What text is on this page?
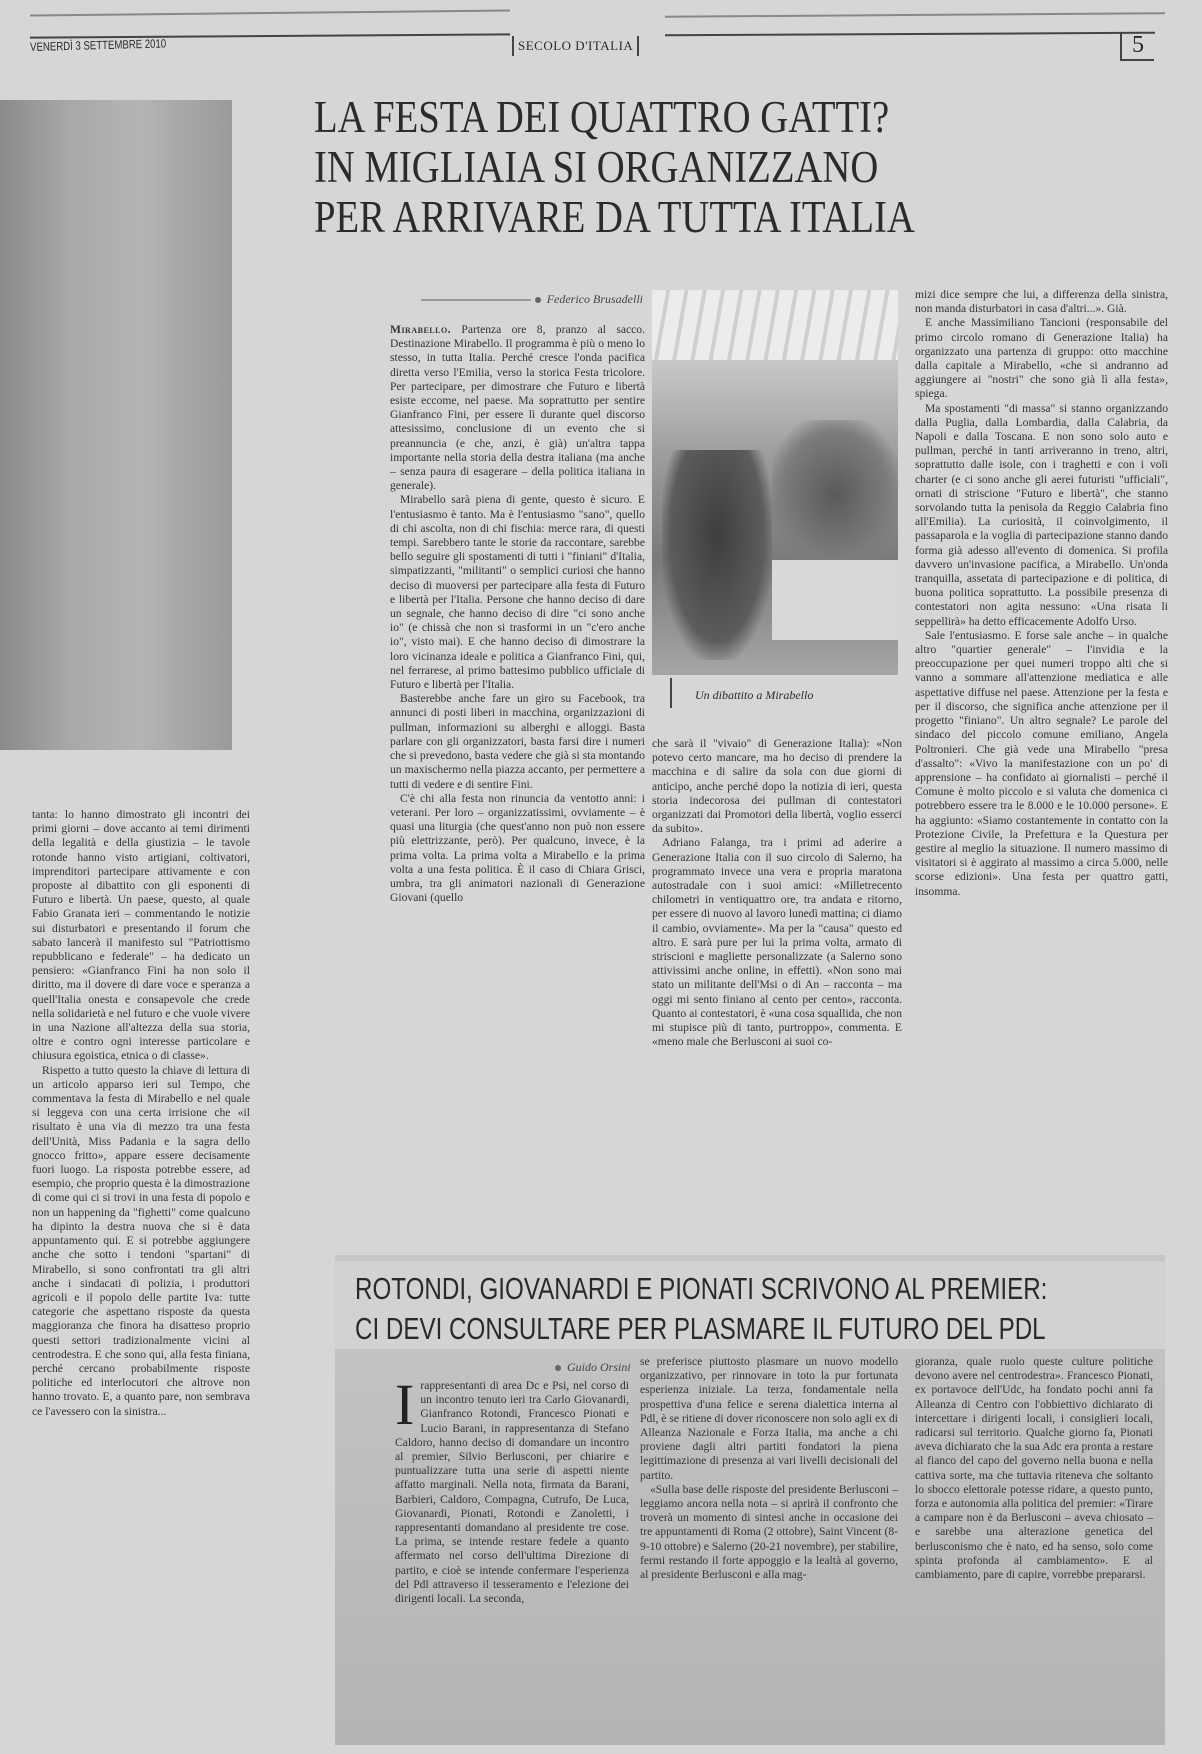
VENERDÌ 3 SETTEMBRE 2010	SECOLO D'ITALIA	5
LA FESTA DEI QUATTRO GATTI?
IN MIGLIAIA SI ORGANIZZANO
PER ARRIVARE DA TUTTA ITALIA
Federico Brusadelli

Mirabello. Partenza ore 8, pranzo al sacco. Destinazione Mirabello. Il programma è più o meno lo stesso, in tutta Italia. Perché cresce l'onda pacifica diretta verso l'Emilia, verso la storica Festa tricolore. Per partecipare, per dimostrare che Futuro e libertà esiste eccome, nel paese. Ma soprattutto per sentire Gianfranco Fini, per essere lì durante quel discorso attesissimo, conclusione di un evento che si preannuncia (e che, anzi, è già) un'altra tappa importante nella storia della destra italiana (ma anche – senza paura di esagerare – della politica italiana in generale).

Mirabello sarà piena di gente, questo è sicuro. E l'entusiasmo è tanto. Ma è l'entusiasmo "sano", quello di chi ascolta, non di chi fischia: merce rara, di questi tempi. Sarebbero tante le storie da raccontare, sarebbe bello seguire gli spostamenti di tutti i "finiani" d'Italia, simpatizzanti, "militanti" o semplici curiosi che hanno deciso di muoversi per partecipare alla festa di Futuro e libertà per l'Italia. Persone che hanno deciso di dare un segnale, che hanno deciso di dire "ci sono anche io" (e chissà che non si trasformi in un "c'ero anche io", visto mai). E che hanno deciso di dimostrare la loro vicinanza ideale e politica a Gianfranco Fini, qui, nel ferrarese, al primo battesimo pubblico ufficiale di Futuro e libertà per l'Italia.

Basterebbe anche fare un giro su Facebook, tra annunci di posti liberi in macchina, organizzazioni di pullman, informazioni su alberghi e alloggi. Basta parlare con gli organizzatori, basta farsi dire i numeri che si prevedono, basta vedere che già si sta montando un maxischermo nella piazza accanto, per permettere a tutti di vedere e di sentire Fini.

C'è chi alla festa non rinuncia da ventotto anni: i veterani. Per loro – organizzatissimi, ovviamente – è quasi una liturgia (che quest'anno non può non essere più elettrizzante, però). Per qualcuno, invece, è la prima volta. La prima volta a Mirabello e la prima volta a una festa politica. È il caso di Chiara Grisci, umbra, tra gli animatori nazionali di Generazione Giovani (quello

Un dibattito a Mirabello

che sarà il "vivaio" di Generazione Italia): «Non potevo certo mancare, ma ho deciso di prendere la macchina e di salire da sola con due giorni di anticipo, anche perché dopo la notizia di ieri, questa storia indecorosa dei pullman di contestatori organizzati dai Promotori della libertà, voglio esserci da subito».

Adriano Falanga, tra i primi ad aderire a Generazione Italia con il suo circolo di Salerno, ha programmato invece una vera e propria maratona autostradale con i suoi amici: «Milletrecento chilometri in ventiquattro ore, tra andata e ritorno, per essere di nuovo al lavoro lunedì mattina; ci diamo il cambio, ovviamente». Ma per la "causa" questo ed altro. E sarà pure per lui la prima volta, armato di striscioni e magliette personalizzate (a Salerno sono attivissimi anche online, in effetti). «Non sono mai stato un militante dell'Msi o di An – racconta – ma oggi mi sento finiano al cento per cento», racconta. Quanto ai contestatori, è «una cosa squallida, che non mi stupisce più di tanto, purtroppo», commenta. E «meno male che Berlusconi ai suoi co-

mizi dice sempre che lui, a differenza della sinistra, non manda disturbatori in casa d'altri...». Già.

E anche Massimiliano Tancioni (responsabile del primo circolo romano di Generazione Italia) ha organizzato una partenza di gruppo: otto macchine dalla capitale a Mirabello, «che si andranno ad aggiungere ai "nostri" che sono già lì alla festa», spiega.

Ma spostamenti "di massa" si stanno organizzando dalla Puglia, dalla Lombardia, dalla Calabria, da Napoli e dalla Toscana. E non sono solo auto e pullman, perché in tanti arriveranno in treno, altri, soprattutto dalle isole, con i traghetti e con i voli charter (e ci sono anche gli aerei futuristi "ufficiali", ornati di striscione "Futuro e libertà", che stanno sorvolando tutta la penisola da Reggio Calabria fino all'Emilia). La curiosità, il coinvolgimento, il passaparola e la voglia di partecipazione stanno dando forma già adesso all'evento di domenica. Si profila davvero un'invasione pacifica, a Mirabello. Un'onda tranquilla, assetata di partecipazione e di politica, di buona politica soprattutto. La possibile presenza di contestatori non agita nessuno: «Una risata li seppellirà» ha detto efficacemente Adolfo Urso.

Sale l'entusiasmo. E forse sale anche – in qualche altro "quartier generale" – l'invidia e la preoccupazione per quei numeri troppo alti che si vanno a sommare all'attenzione mediatica e alle aspettative diffuse nel paese. Attenzione per la festa e per il discorso, che significa anche attenzione per il progetto "finiano". Un altro segnale? Le parole del sindaco del piccolo comune emiliano, Angela Poltronieri. Che già vede una Mirabello "presa d'assalto": «Vivo la manifestazione con un po' di apprensione – ha confidato ai giornalisti – perché il Comune è molto piccolo e si valuta che domenica ci potrebbero essere tra le 8.000 e le 10.000 persone». E ha aggiunto: «Siamo costantemente in contatto con la Protezione Civile, la Prefettura e la Questura per gestire al meglio la situazione. Il numero massimo di visitatori si è aggirato al massimo a circa 5.000, nelle scorse edizioni». Una festa per quattro gatti, insomma.

tanta: lo hanno dimostrato gli incontri dei primi giorni – dove accanto ai temi dirimenti della legalità e della giustizia – le tavole rotonde hanno visto artigiani, coltivatori, imprenditori partecipare attivamente e con proposte al dibattito con gli esponenti di Futuro e libertà. Un paese, questo, al quale Fabio Granata ieri – commentando le notizie sui disturbatori e presentando il forum che sabato lancerà il manifesto sul "Patriottismo repubblicano e federale" – ha dedicato un pensiero: «Gianfranco Fini ha non solo il diritto, ma il dovere di dare voce e speranza a quell'Italia onesta e consapevole che crede nella solidarietà e nel futuro e che vuole vivere in una Nazione all'altezza della sua storia, oltre e contro ogni interesse particolare e chiusura egoistica, etnica o di classe».

Rispetto a tutto questo la chiave di lettura di un articolo apparso ieri sul Tempo, che commentava la festa di Mirabello e nel quale si leggeva con una certa irrisione che «il risultato è una via di mezzo tra una festa dell'Unità, Miss Padania e la sagra dello gnocco fritto», appare essere decisamente fuori luogo. La risposta potrebbe essere, ad esempio, che proprio questa è la dimostrazione di come qui ci si trovi in una festa di popolo e non un happening da "fighetti" come qualcuno ha dipinto la destra nuova che si è data appuntamento qui. E si potrebbe aggiungere anche che sotto i tendoni "spartani" di Mirabello, si sono confrontati tra gli altri anche i sindacati di polizia, i produttori agricoli e il popolo delle partite Iva: tutte categorie che aspettano risposte da questa maggioranza che finora ha disatteso proprio questi settori tradizionalmente vicini al centrodestra. E che sono qui, alla festa finiana, perché cercano probabilmente risposte politiche ed interlocutori che altrove non hanno trovato. E, a quanto pare, non sembrava ce l'avessero con la sinistra...

ROTONDI, GIOVANARDI E PIONATI SCRIVONO AL PREMIER:
CI DEVI CONSULTARE PER PLASMARE IL FUTURO DEL PDL
Guido Orsini

Irappresentanti di area Dc e Psi, nel corso di un incontro tenuto ieri tra Carlo Giovanardi, Gianfranco Rotondi, Francesco Pionati e Lucio Barani, in rappresentanza di Stefano Caldoro, hanno deciso di domandare un incontro al premier, Silvio Berlusconi, per chiarire e puntualizzare tutta una serie di aspetti niente affatto marginali. Nella nota, firmata da Barani, Barbieri, Caldoro, Compagna, Cutrufo, De Luca, Giovanardi, Pionati, Rotondi e Zanoletti, i rappresentanti domandano al presidente tre cose. La prima, se intende restare fedele a quanto affermato nel corso dell'ultima Direzione di partito, e cioè se intende confermare l'esperienza del Pdl attraverso il tesseramento e l'elezione dei dirigenti locali. La seconda,

se preferisce piuttosto plasmare un nuovo modello organizzativo, per rinnovare in toto la pur fortunata esperienza iniziale. La terza, fondamentale nella prospettiva d'una felice e serena dialettica interna al Pdl, è se ritiene di dover riconoscere non solo agli ex di Alleanza Nazionale e Forza Italia, ma anche a chi proviene dagli altri partiti fondatori la piena legittimazione di presenza ai vari livelli decisionali del partito.

«Sulla base delle risposte del presidente Berlusconi – leggiamo ancora nella nota – si aprirà il confronto che troverà un momento di sintesi anche in occasione dei tre appuntamenti di Roma (2 ottobre), Saint Vincent (8-9-10 ottobre) e Salerno (20-21 novembre), per stabilire, fermi restando il forte appoggio e la lealtà al governo, al presidente Berlusconi e alla mag-

gioranza, quale ruolo queste culture politiche devono avere nel centrodestra». Francesco Pionati, ex portavoce dell'Udc, ha fondato pochi anni fa Alleanza di Centro con l'obbiettivo dichiarato di intercettare i dirigenti locali, i consiglieri locali, radicarsi sul territorio. Qualche giorno fa, Pionati aveva dichiarato che la sua Adc era pronta a restare al fianco del capo del governo nella buona e nella cattiva sorte, ma che tuttavia riteneva che soltanto lo sbocco elettorale potesse ridare, a questo punto, forza e autonomia alla politica del premier: «Tirare a campare non è da Berlusconi – aveva chiosato – e sarebbe una alterazione genetica del berlusconismo che è nato, ed ha senso, solo come spinta profonda al cambiamento». E al cambiamento, pare di capire, vorrebbe prepararsi.
